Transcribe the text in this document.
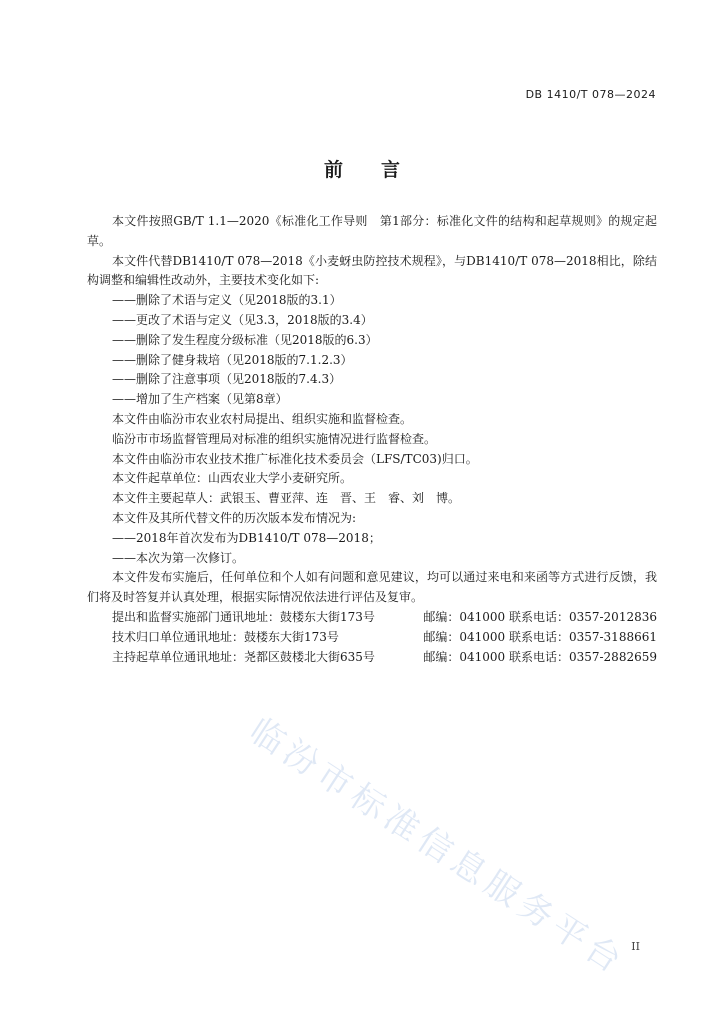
DB 1410/T 078—2024
前言

本文件按照GB/T 1.1—2020《标准化工作导则　第1部分：标准化文件的结构和起草规则》的规定起草。

本文件代替DB1410/T 078—2018《小麦蚜虫防控技术规程》，与DB1410/T 078—2018相比，除结构调整和编辑性改动外，主要技术变化如下:

——删除了术语与定义（见2018版的3.1）

——更改了术语与定义（见3.3，2018版的3.4）

——删除了发生程度分级标准（见2018版的6.3）

——删除了健身栽培（见2018版的7.1.2.3）

——删除了注意事项（见2018版的7.4.3）

——增加了生产档案（见第8章）

本文件由临汾市农业农村局提出、组织实施和监督检查。

临汾市市场监督管理局对标准的组织实施情况进行监督检查。

本文件由临汾市农业技术推广标准化技术委员会（LFS/TC03)归口。

本文件起草单位：山西农业大学小麦研究所。

本文件主要起草人：武银玉、曹亚萍、连　晋、王　睿、刘　博。

本文件及其所代替文件的历次版本发布情况为:

——2018年首次发布为DB1410/T 078—2018；

——本次为第一次修订。

本文件发布实施后，任何单位和个人如有问题和意见建议，均可以通过来电和来函等方式进行反馈，我们将及时答复并认真处理，根据实际情况依法进行评估及复审。

提出和监督实施部门通讯地址：鼓楼东大街173号	邮编：041000 联系电话：0357-2012836
技术归口单位通讯地址：鼓楼东大街173号	邮编：041000 联系电话：0357-3188661
主持起草单位通讯地址：尧都区鼓楼北大街635号	邮编：041000 联系电话：0357-2882659
临汾市标准信息服务平台
II
